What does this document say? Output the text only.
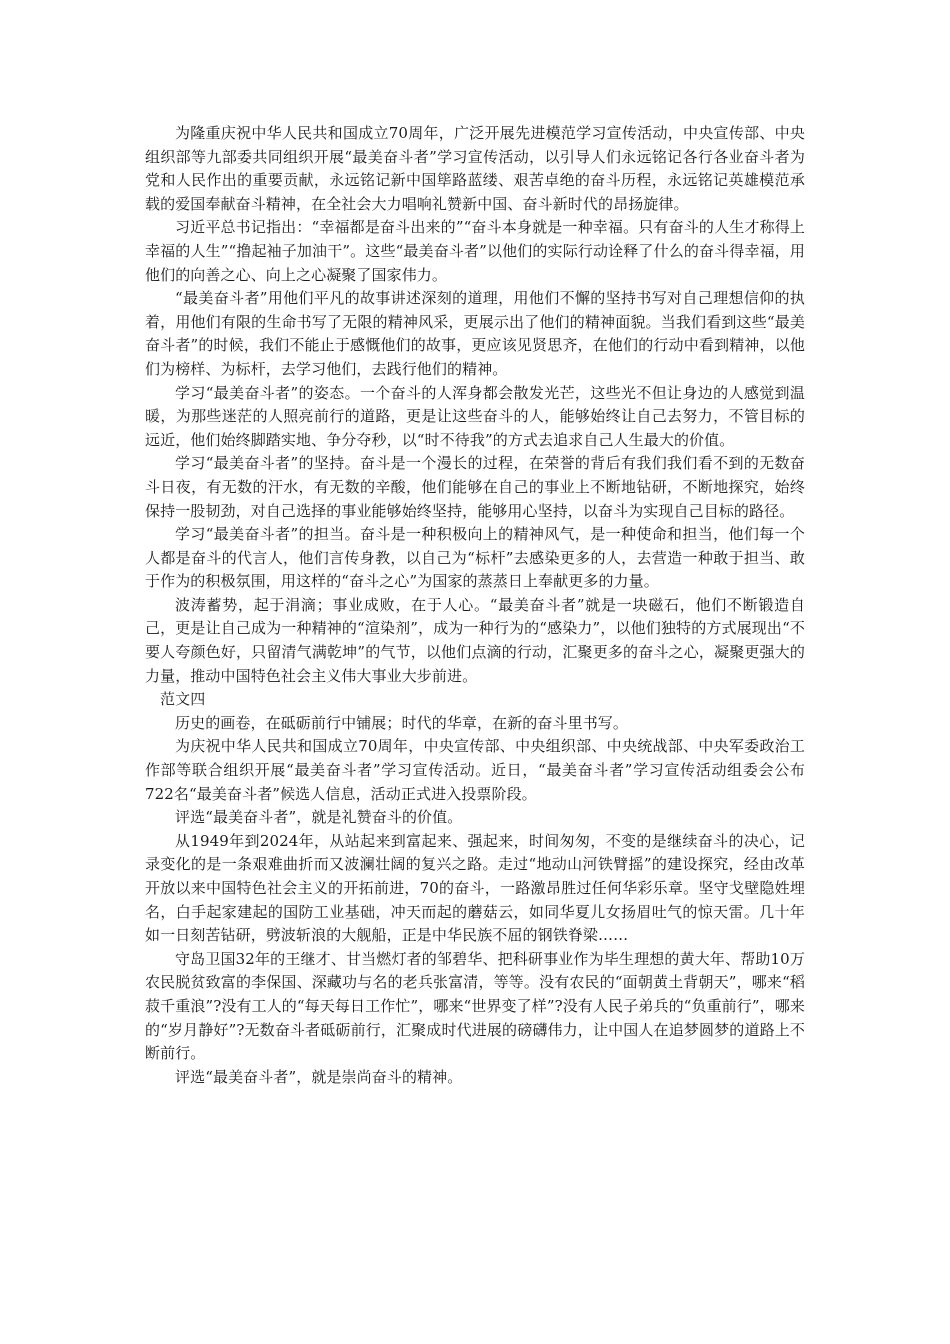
为隆重庆祝中华人民共和国成立70周年，广泛开展先进模范学习宣传活动，中央宣传部、中央组织部等九部委共同组织开展“最美奋斗者”学习宣传活动，以引导人们永远铭记各行各业奋斗者为党和人民作出的重要贡献，永远铭记新中国筚路蓝缕、艰苦卓绝的奋斗历程，永远铭记英雄模范承载的爱国奉献奋斗精神，在全社会大力唱响礼赞新中国、奋斗新时代的昂扬旋律。

习近平总书记指出：“幸福都是奋斗出来的”“奋斗本身就是一种幸福。只有奋斗的人生才称得上幸福的人生”“撸起袖子加油干”。这些“最美奋斗者”以他们的实际行动诠释了什么的奋斗得幸福，用他们的向善之心、向上之心凝聚了国家伟力。

“最美奋斗者”用他们平凡的故事讲述深刻的道理，用他们不懈的坚持书写对自己理想信仰的执着，用他们有限的生命书写了无限的精神风采，更展示出了他们的精神面貌。当我们看到这些“最美奋斗者”的时候，我们不能止于感慨他们的故事，更应该见贤思齐，在他们的行动中看到精神，以他们为榜样、为标杆，去学习他们，去践行他们的精神。

学习“最美奋斗者”的姿态。一个奋斗的人浑身都会散发光芒，这些光不但让身边的人感觉到温暖，为那些迷茫的人照亮前行的道路，更是让这些奋斗的人，能够始终让自己去努力，不管目标的远近，他们始终脚踏实地、争分夺秒，以“时不待我”的方式去追求自己人生最大的价值。

学习“最美奋斗者”的坚持。奋斗是一个漫长的过程，在荣誉的背后有我们我们看不到的无数奋斗日夜，有无数的汗水，有无数的辛酸，他们能够在自己的事业上不断地钻研，不断地探究，始终保持一股韧劲，对自己选择的事业能够始终坚持，能够用心坚持，以奋斗为实现自己目标的路径。

学习“最美奋斗者”的担当。奋斗是一种积极向上的精神风气，是一种使命和担当，他们每一个人都是奋斗的代言人，他们言传身教，以自己为“标杆”去感染更多的人，去营造一种敢于担当、敢于作为的积极氛围，用这样的“奋斗之心”为国家的蒸蒸日上奉献更多的力量。

波涛蓄势，起于涓滴；事业成败，在于人心。“最美奋斗者”就是一块磁石，他们不断锻造自己，更是让自己成为一种精神的“渲染剂”，成为一种行为的“感染力”，以他们独特的方式展现出“不要人夸颜色好，只留清气满乾坤”的气节，以他们点滴的行动，汇聚更多的奋斗之心，凝聚更强大的力量，推动中国特色社会主义伟大事业大步前进。

范文四

历史的画卷，在砥砺前行中铺展；时代的华章，在新的奋斗里书写。

为庆祝中华人民共和国成立70周年，中央宣传部、中央组织部、中央统战部、中央军委政治工作部等联合组织开展“最美奋斗者”学习宣传活动。近日，“最美奋斗者”学习宣传活动组委会公布722名“最美奋斗者”候选人信息，活动正式进入投票阶段。

评选“最美奋斗者”，就是礼赞奋斗的价值。

从1949年到2024年，从站起来到富起来、强起来，时间匆匆，不变的是继续奋斗的决心，记录变化的是一条艰难曲折而又波澜壮阔的复兴之路。走过“地动山河铁臂摇”的建设探究，经由改革开放以来中国特色社会主义的开拓前进，70的奋斗，一路激昂胜过任何华彩乐章。坚守戈壁隐姓埋名，白手起家建起的国防工业基础，冲天而起的蘑菇云，如同华夏儿女扬眉吐气的惊天雷。几十年如一日刻苦钻研，劈波斩浪的大舰船，正是中华民族不屈的钢铁脊梁……

守岛卫国32年的王继才、甘当燃灯者的邹碧华、把科研事业作为毕生理想的黄大年、帮助10万农民脱贫致富的李保国、深藏功与名的老兵张富清，等等。没有农民的“面朝黄土背朝天”，哪来“稻菽千重浪”?没有工人的“每天每日工作忙”，哪来“世界变了样”?没有人民子弟兵的“负重前行”，哪来的“岁月静好”?无数奋斗者砥砺前行，汇聚成时代进展的磅礴伟力，让中国人在追梦圆梦的道路上不断前行。

评选“最美奋斗者”，就是崇尚奋斗的精神。
